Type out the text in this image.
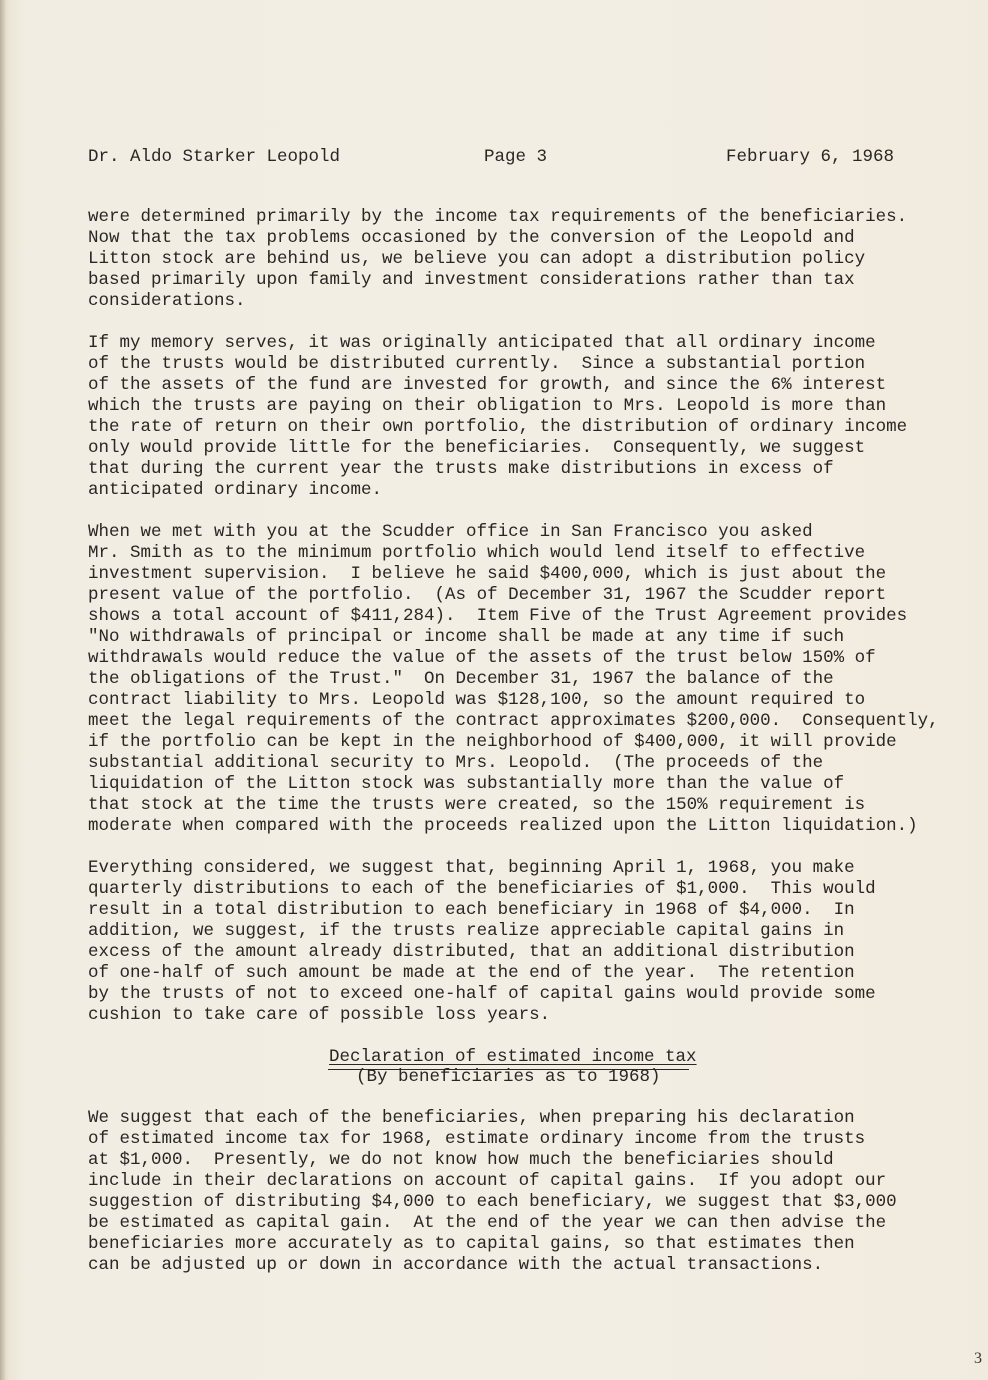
Dr. Aldo Starker Leopold

	Page 3

	February 6, 1968

were determined primarily by the income tax requirements of the beneficiaries.
Now that the tax problems occasioned by the conversion of the Leopold and
Litton stock are behind us, we believe you can adopt a distribution policy
based primarily upon family and investment considerations rather than tax
considerations.
If my memory serves, it was originally anticipated that all ordinary income
of the trusts would be distributed currently.  Since a substantial portion
of the assets of the fund are invested for growth, and since the 6% interest
which the trusts are paying on their obligation to Mrs. Leopold is more than
the rate of return on their own portfolio, the distribution of ordinary income
only would provide little for the beneficiaries.  Consequently, we suggest
that during the current year the trusts make distributions in excess of
anticipated ordinary income.
When we met with you at the Scudder office in San Francisco you asked
Mr. Smith as to the minimum portfolio which would lend itself to effective
investment supervision.  I believe he said $400,000, which is just about the
present value of the portfolio.  (As of December 31, 1967 the Scudder report
shows a total account of $411,284).  Item Five of the Trust Agreement provides
"No withdrawals of principal or income shall be made at any time if such
withdrawals would reduce the value of the assets of the trust below 150% of
the obligations of the Trust."  On December 31, 1967 the balance of the
contract liability to Mrs. Leopold was $128,100, so the amount required to
meet the legal requirements of the contract approximates $200,000.  Consequently,
if the portfolio can be kept in the neighborhood of $400,000, it will provide
substantial additional security to Mrs. Leopold.  (The proceeds of the
liquidation of the Litton stock was substantially more than the value of
that stock at the time the trusts were created, so the 150% requirement is
moderate when compared with the proceeds realized upon the Litton liquidation.)
Everything considered, we suggest that, beginning April 1, 1968, you make
quarterly distributions to each of the beneficiaries of $1,000.  This would
result in a total distribution to each beneficiary in 1968 of $4,000.  In
addition, we suggest, if the trusts realize appreciable capital gains in
excess of the amount already distributed, that an additional distribution
of one-half of such amount be made at the end of the year.  The retention
by the trusts of not to exceed one-half of capital gains would provide some
cushion to take care of possible loss years.
Declaration of estimated income tax
(By beneficiaries as to 1968)
We suggest that each of the beneficiaries, when preparing his declaration
of estimated income tax for 1968, estimate ordinary income from the trusts
at $1,000.  Presently, we do not know how much the beneficiaries should
include in their declarations on account of capital gains.  If you adopt our
suggestion of distributing $4,000 to each beneficiary, we suggest that $3,000
be estimated as capital gain.  At the end of the year we can then advise the
beneficiaries more accurately as to capital gains, so that estimates then
can be adjusted up or down in accordance with the actual transactions.
3
